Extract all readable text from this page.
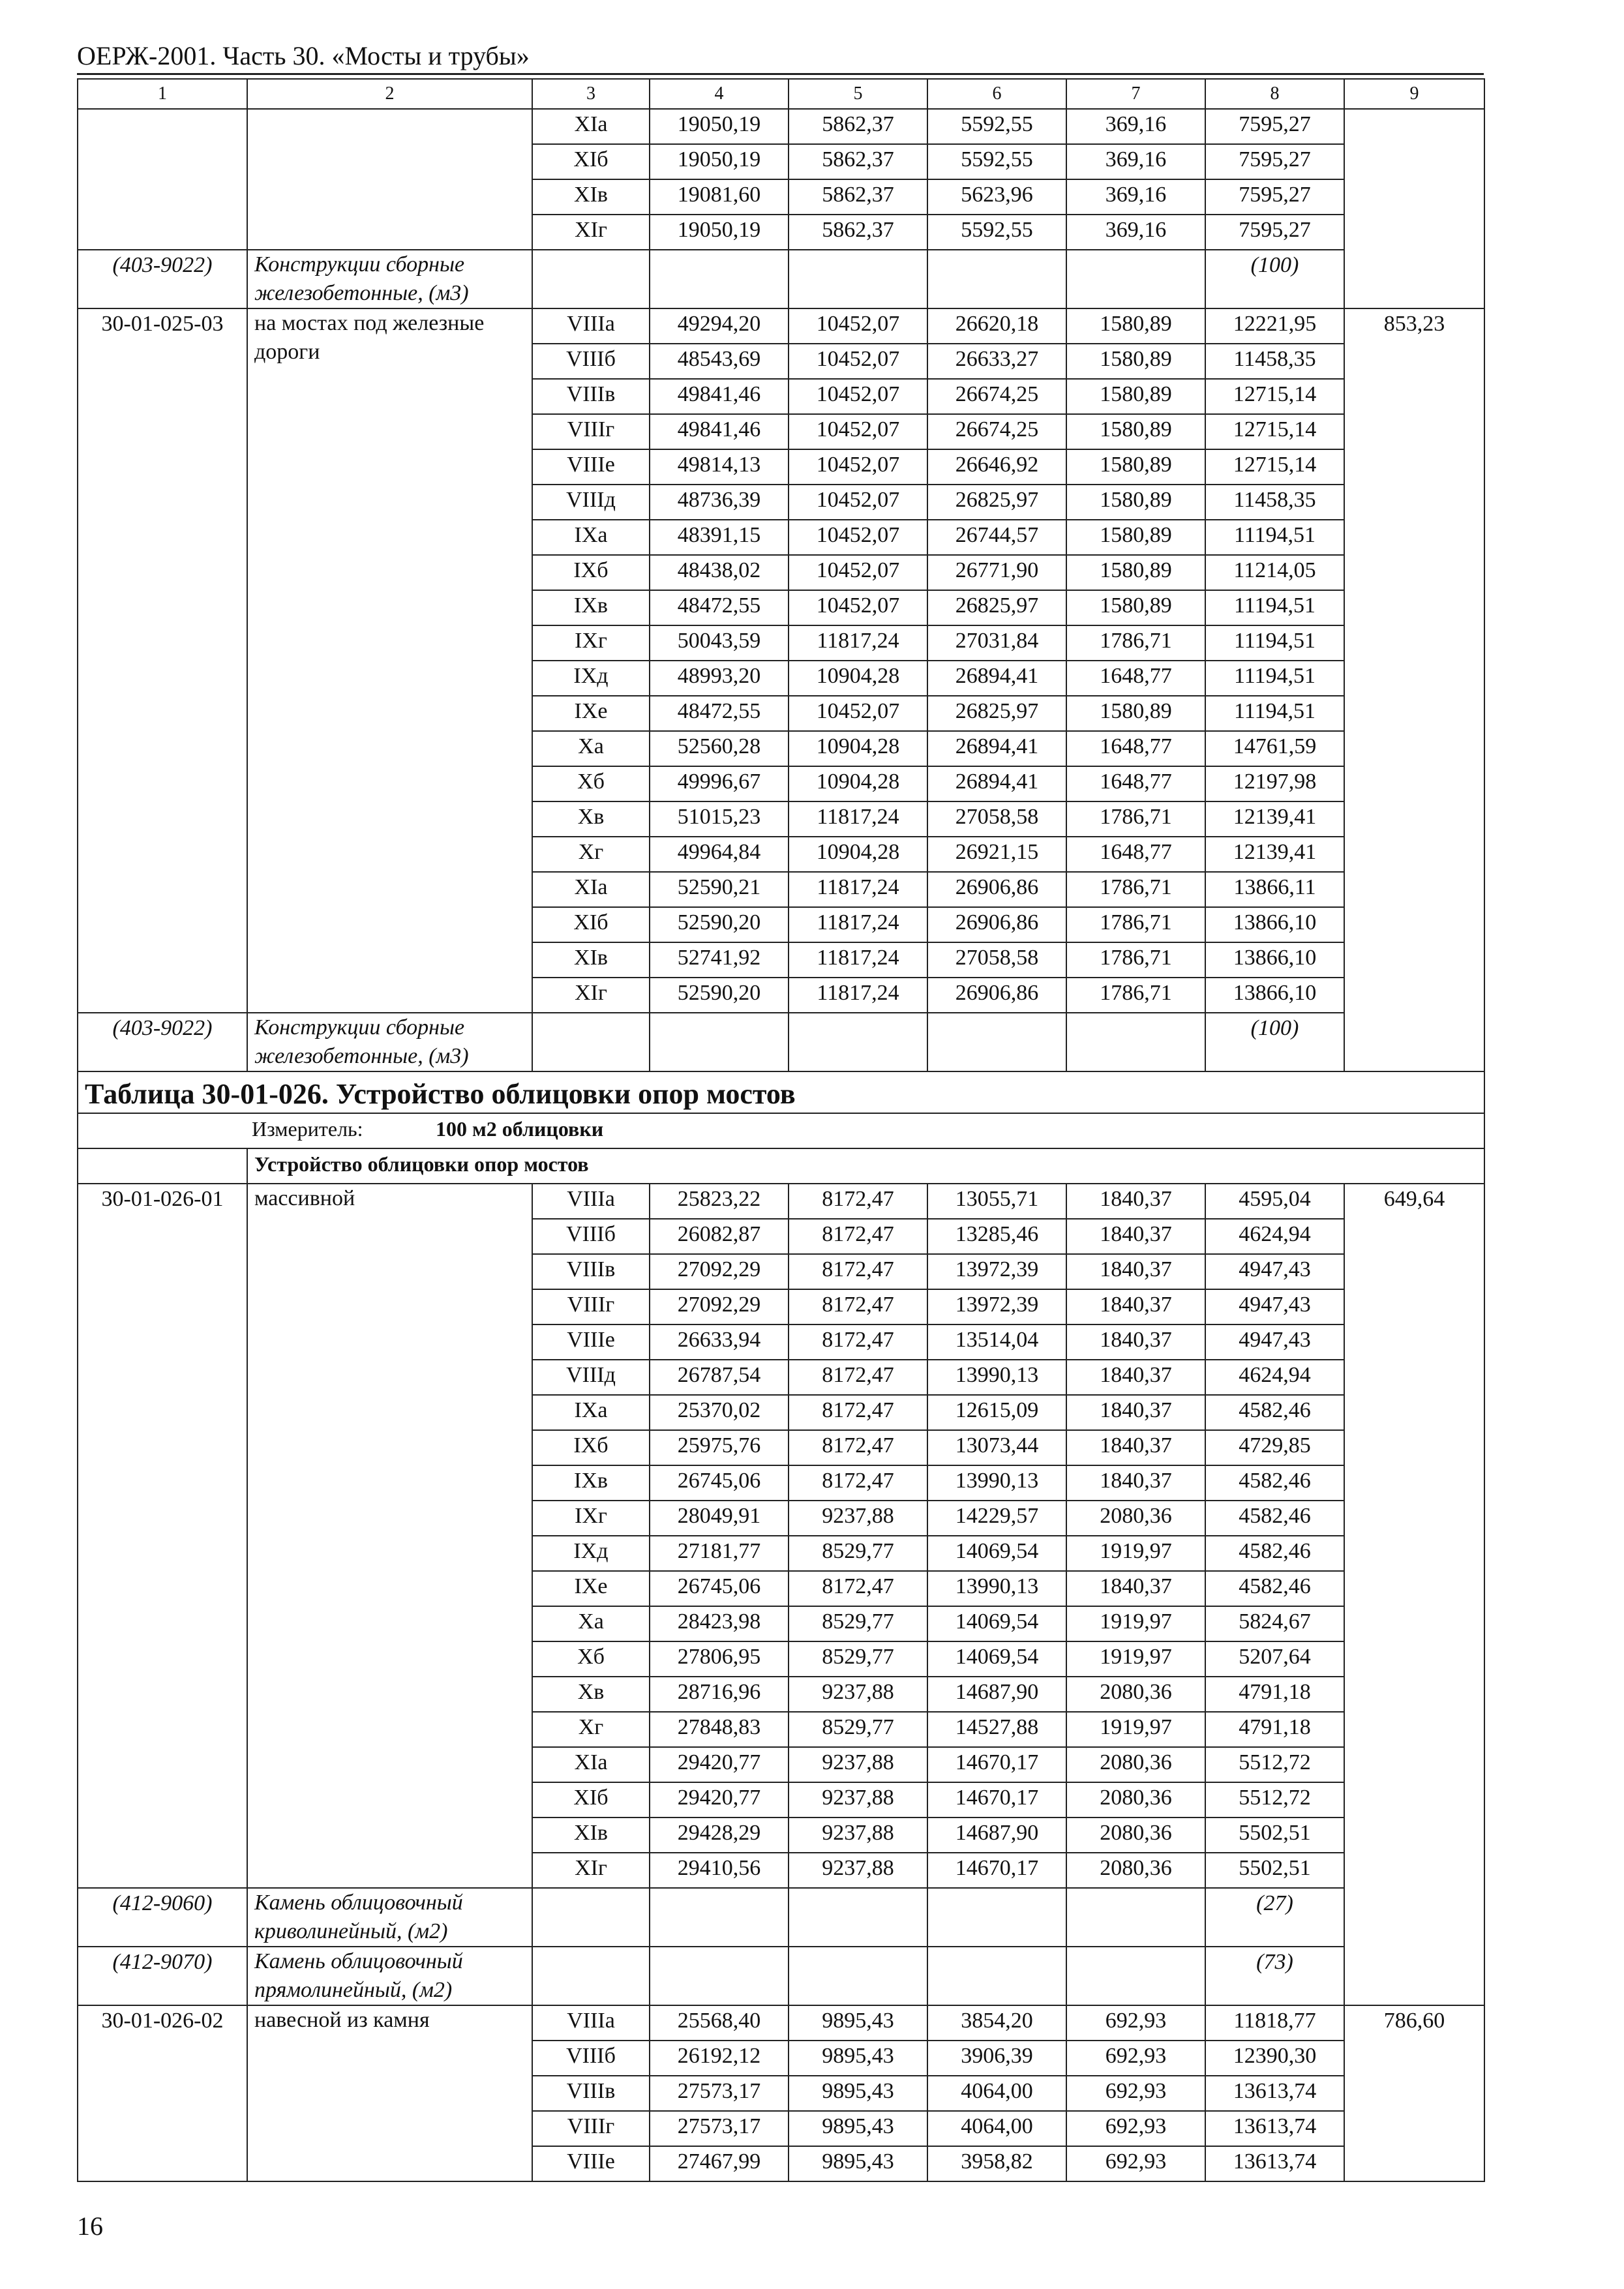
ОЕРЖ-2001. Часть 30. «Мосты и трубы»
1	2	3	4	5	6	7	8	9
		XIа	19050,19	5862,37	5592,55	369,16	7595,27	
		XIб	19050,19	5862,37	5592,55	369,16	7595,27	
		XIв	19081,60	5862,37	5623,96	369,16	7595,27	
		XIг	19050,19	5862,37	5592,55	369,16	7595,27	
(403-9022)	Конструкции сборные железобетонные, (м3)						(100)	
30-01-025-03	на мостах под железные дороги	VIIIа	49294,20	10452,07	26620,18	1580,89	12221,95	853,23
		VIIIб	48543,69	10452,07	26633,27	1580,89	11458,35	
		VIIIв	49841,46	10452,07	26674,25	1580,89	12715,14	
		VIIIг	49841,46	10452,07	26674,25	1580,89	12715,14	
		VIIIе	49814,13	10452,07	26646,92	1580,89	12715,14	
		VIIIд	48736,39	10452,07	26825,97	1580,89	11458,35	
		IXа	48391,15	10452,07	26744,57	1580,89	11194,51	
		IXб	48438,02	10452,07	26771,90	1580,89	11214,05	
		IXв	48472,55	10452,07	26825,97	1580,89	11194,51	
		IXг	50043,59	11817,24	27031,84	1786,71	11194,51	
		IXд	48993,20	10904,28	26894,41	1648,77	11194,51	
		IXе	48472,55	10452,07	26825,97	1580,89	11194,51	
		Xа	52560,28	10904,28	26894,41	1648,77	14761,59	
		Xб	49996,67	10904,28	26894,41	1648,77	12197,98	
		Xв	51015,23	11817,24	27058,58	1786,71	12139,41	
		Xг	49964,84	10904,28	26921,15	1648,77	12139,41	
		XIа	52590,21	11817,24	26906,86	1786,71	13866,11	
		XIб	52590,20	11817,24	26906,86	1786,71	13866,10	
		XIв	52741,92	11817,24	27058,58	1786,71	13866,10	
		XIг	52590,20	11817,24	26906,86	1786,71	13866,10	
(403-9022)	Конструкции сборные железобетонные, (м3)						(100)	
Таблица 30-01-026. Устройство облицовки опор мостов								
Измеритель: 100 м2 облицовки								
	Устройство облицовки опор мостов							
30-01-026-01	массивной	VIIIа	25823,22	8172,47	13055,71	1840,37	4595,04	649,64
		VIIIб	26082,87	8172,47	13285,46	1840,37	4624,94	
		VIIIв	27092,29	8172,47	13972,39	1840,37	4947,43	
		VIIIг	27092,29	8172,47	13972,39	1840,37	4947,43	
		VIIIе	26633,94	8172,47	13514,04	1840,37	4947,43	
		VIIIд	26787,54	8172,47	13990,13	1840,37	4624,94	
		IXа	25370,02	8172,47	12615,09	1840,37	4582,46	
		IXб	25975,76	8172,47	13073,44	1840,37	4729,85	
		IXв	26745,06	8172,47	13990,13	1840,37	4582,46	
		IXг	28049,91	9237,88	14229,57	2080,36	4582,46	
		IXд	27181,77	8529,77	14069,54	1919,97	4582,46	
		IXе	26745,06	8172,47	13990,13	1840,37	4582,46	
		Xа	28423,98	8529,77	14069,54	1919,97	5824,67	
		Xб	27806,95	8529,77	14069,54	1919,97	5207,64	
		Xв	28716,96	9237,88	14687,90	2080,36	4791,18	
		Xг	27848,83	8529,77	14527,88	1919,97	4791,18	
		XIа	29420,77	9237,88	14670,17	2080,36	5512,72	
		XIб	29420,77	9237,88	14670,17	2080,36	5512,72	
		XIв	29428,29	9237,88	14687,90	2080,36	5502,51	
		XIг	29410,56	9237,88	14670,17	2080,36	5502,51	
(412-9060)	Камень облицовочный криволинейный, (м2)						(27)	
(412-9070)	Камень облицовочный прямолинейный, (м2)						(73)	
30-01-026-02	навесной из камня	VIIIа	25568,40	9895,43	3854,20	692,93	11818,77	786,60
		VIIIб	26192,12	9895,43	3906,39	692,93	12390,30	
		VIIIв	27573,17	9895,43	4064,00	692,93	13613,74	
		VIIIг	27573,17	9895,43	4064,00	692,93	13613,74	
		VIIIе	27467,99	9895,43	3958,82	692,93	13613,74	
16
